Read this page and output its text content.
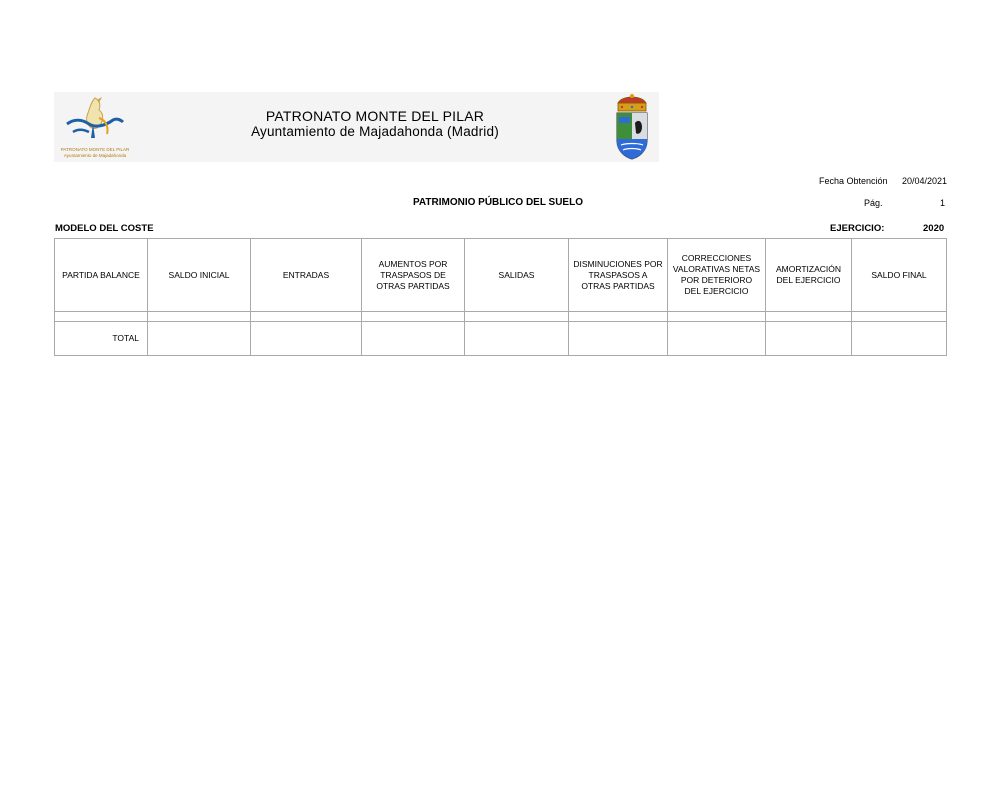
PATRONATO MONTE DEL PILAR
Ayuntamiento de Majadahonda
PATRONATO MONTE DEL PILAR
Ayuntamiento de Majadahonda (Madrid)
Fecha Obtención 20/04/2021
PATRIMONIO PÚBLICO DEL SUELO	Pág.	1
MODELO DEL COSTE	EJERCICIO:	2020
PARTIDA BALANCE	SALDO INICIAL	ENTRADAS	AUMENTOS POR TRASPASOS DE OTRAS PARTIDAS	SALIDAS	DISMINUCIONES POR TRASPASOS A OTRAS PARTIDAS	CORRECCIONES VALORATIVAS NETAS POR DETERIORO DEL EJERCICIO	AMORTIZACIÓN DEL EJERCICIO	SALDO FINAL

TOTAL								
